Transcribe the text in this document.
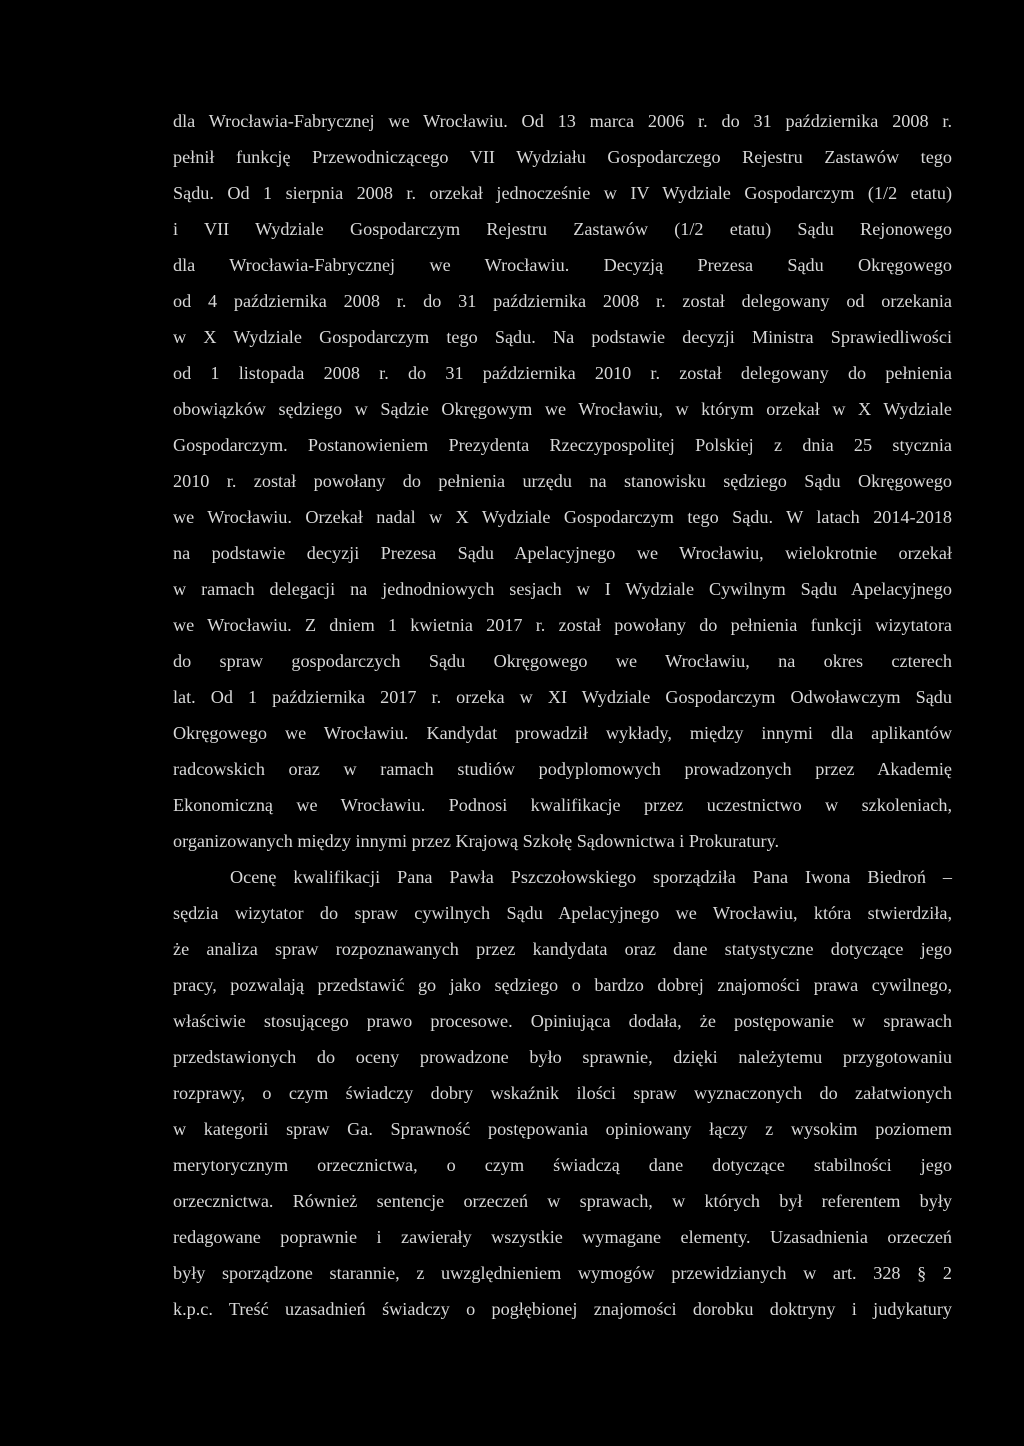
dla Wrocławia-Fabrycznej we Wrocławiu. Od 13 marca 2006 r. do 31 października 2008 r.
pełnił funkcję Przewodniczącego VII Wydziału Gospodarczego Rejestru Zastawów tego
Sądu. Od 1 sierpnia 2008 r. orzekał jednocześnie w IV Wydziale Gospodarczym (1/2 etatu)
i VII Wydziale Gospodarczym Rejestru Zastawów (1/2 etatu) Sądu Rejonowego
dla Wrocławia-Fabrycznej we Wrocławiu. Decyzją Prezesa Sądu Okręgowego
od 4 października 2008 r. do 31 października 2008 r. został delegowany od orzekania
w X Wydziale Gospodarczym tego Sądu. Na podstawie decyzji Ministra Sprawiedliwości
od 1 listopada 2008 r. do 31 października 2010 r. został delegowany do pełnienia
obowiązków sędziego w Sądzie Okręgowym we Wrocławiu, w którym orzekał w X Wydziale
Gospodarczym. Postanowieniem Prezydenta Rzeczypospolitej Polskiej z dnia 25 stycznia
2010 r. został powołany do pełnienia urzędu na stanowisku sędziego Sądu Okręgowego
we Wrocławiu. Orzekał nadal w X Wydziale Gospodarczym tego Sądu. W latach 2014-2018
na podstawie decyzji Prezesa Sądu Apelacyjnego we Wrocławiu, wielokrotnie orzekał
w ramach delegacji na jednodniowych sesjach w I Wydziale Cywilnym Sądu Apelacyjnego
we Wrocławiu. Z dniem 1 kwietnia 2017 r. został powołany do pełnienia funkcji wizytatora
do spraw gospodarczych Sądu Okręgowego we Wrocławiu, na okres czterech
lat. Od 1 października 2017 r. orzeka w XI Wydziale Gospodarczym Odwoławczym Sądu
Okręgowego we Wrocławiu. Kandydat prowadził wykłady, między innymi dla aplikantów
radcowskich oraz w ramach studiów podyplomowych prowadzonych przez Akademię
Ekonomiczną we Wrocławiu. Podnosi kwalifikacje przez uczestnictwo w szkoleniach,
organizowanych między innymi przez Krajową Szkołę Sądownictwa i Prokuratury.
Ocenę kwalifikacji Pana Pawła Pszczołowskiego sporządziła Pana Iwona Biedroń –
sędzia wizytator do spraw cywilnych Sądu Apelacyjnego we Wrocławiu, która stwierdziła,
że analiza spraw rozpoznawanych przez kandydata oraz dane statystyczne dotyczące jego
pracy, pozwalają przedstawić go jako sędziego o bardzo dobrej znajomości prawa cywilnego,
właściwie stosującego prawo procesowe. Opiniująca dodała, że postępowanie w sprawach
przedstawionych do oceny prowadzone było sprawnie, dzięki należytemu przygotowaniu
rozprawy, o czym świadczy dobry wskaźnik ilości spraw wyznaczonych do załatwionych
w kategorii spraw Ga. Sprawność postępowania opiniowany łączy z wysokim poziomem
merytorycznym orzecznictwa, o czym świadczą dane dotyczące stabilności jego
orzecznictwa. Również sentencje orzeczeń w sprawach, w których był referentem były
redagowane poprawnie i zawierały wszystkie wymagane elementy. Uzasadnienia orzeczeń
były sporządzone starannie, z uwzględnieniem wymogów przewidzianych w art. 328 § 2
k.p.c. Treść uzasadnień świadczy o pogłębionej znajomości dorobku doktryny i judykatury
